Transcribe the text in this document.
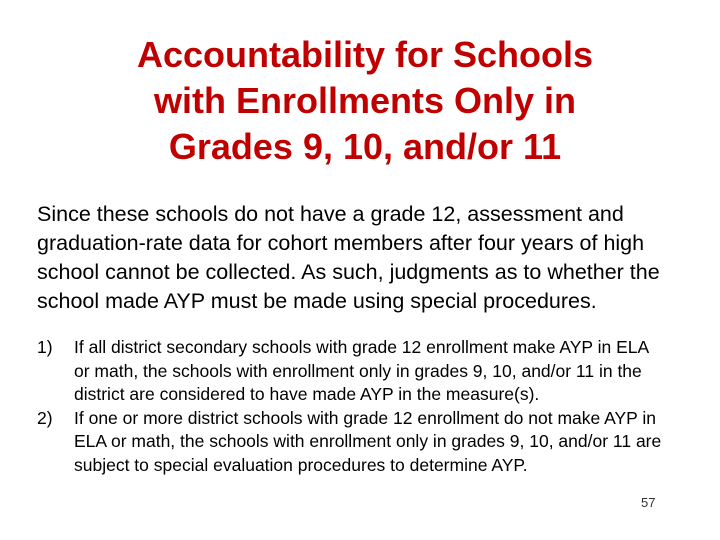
Accountability for Schools
with Enrollments Only in
Grades 9, 10, and/or 11

Since these schools do not have a grade 12, assessment and graduation-rate data for cohort members after four years of high school cannot be collected. As such, judgments as to whether the school made AYP must be made using special procedures.

1) If all district secondary schools with grade 12 enrollment make AYP in ELA or math, the schools with enrollment only in grades 9, 10, and/or 11 in the district are considered to have made AYP in the measure(s).
2) If one or more district schools with grade 12 enrollment do not make AYP in ELA or math, the schools with enrollment only in grades 9, 10, and/or 11 are subject to special evaluation procedures to determine AYP.
57
